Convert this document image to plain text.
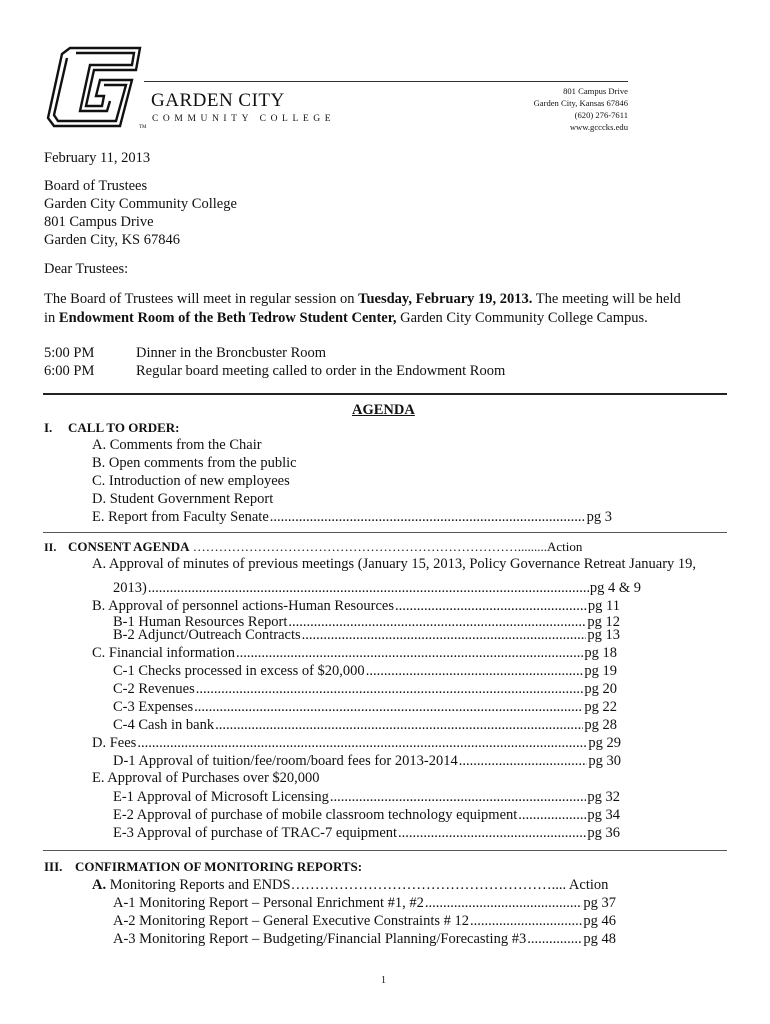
GARDEN CITY
COMMUNITY COLLEGE
TM
801 Campus Drive
Garden City, Kansas 67846
(620) 276-7611
www.gcccks.edu
February 11, 2013
Board of Trustees
Garden City Community College
801 Campus Drive
Garden City, KS 67846
Dear Trustees:
The Board of Trustees will meet in regular session on Tuesday, February 19, 2013. The meeting will be held
in Endowment Room of the Beth Tedrow Student Center, Garden City Community College Campus.
5:00 PM	Dinner in the Broncbuster Room
6:00 PM	Regular board meeting called to order in the Endowment Room
AGENDA
I. CALL TO ORDER:
A. Comments from the Chair
B. Open comments from the public
C. Introduction of new employees
D. Student Government Report
E. Report from Faculty Senate .....	pg 3
II. CONSENT AGENDA ………………………………………………………………….........Action
A. Approval of minutes of previous meetings (January 15, 2013, Policy Governance Retreat January 19,
2013) .....	pg 4 & 9
B. Approval of personnel actions-Human Resources .....	pg 11
B-1 Human Resources Report .....	pg 12
B-2 Adjunct/Outreach Contracts .....	pg 13
C. Financial information .....	pg 18
C-1 Checks processed in excess of $20,000 .....	pg 19
C-2 Revenues .....	pg 20
C-3 Expenses .....	pg 22
C-4 Cash in bank .....	pg 28
D. Fees .....	pg 29
D-1 Approval of tuition/fee/room/board fees for 2013-2014 .....	pg 30
E. Approval of Purchases over $20,000
E-1 Approval of Microsoft Licensing .....	pg 32
E-2 Approval of purchase of mobile classroom technology equipment .....	pg 34
E-3 Approval of purchase of TRAC-7 equipment .....	pg 36
III. CONFIRMATION OF MONITORING REPORTS:
A. Monitoring Reports and ENDS……………………………………………….... Action
A-1 Monitoring Report – Personal Enrichment #1, #2 .....	pg 37
A-2 Monitoring Report – General Executive Constraints # 12 .....	pg 46
A-3 Monitoring Report – Budgeting/Financial Planning/Forecasting #3 .....	pg 48
1
